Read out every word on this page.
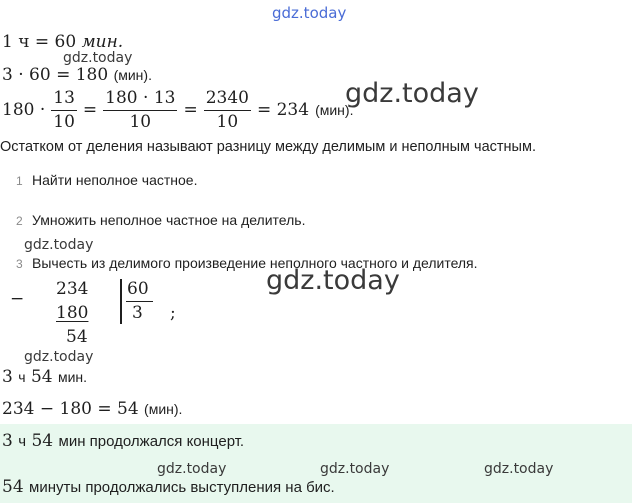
gdz.today
1 ч = 60 мин.
gdz.today
3 · 60 = 180 (мин).
$180 \cdot \frac{13}{10} = \frac{180 \cdot 13}{10} = \frac{2340}{10} = 234$ (мин).
gdz.today
Остатком от деления называют разницу между делимым и неполным частным.
1 Найти неполное частное.
2 Умножить неполное частное на делитель.
gdz.today
3 Вычесть из делимого произведение неполного частного и делителя.
− 234
180
54
60
3 ;
gdz.today
gdz.today
3 ч 54 мин.
234 − 180 = 54 (мин).
3 ч 54 мин продолжался концерт.
gdz.today	gdz.today	gdz.today
54 минуты продолжались выступления на бис.
